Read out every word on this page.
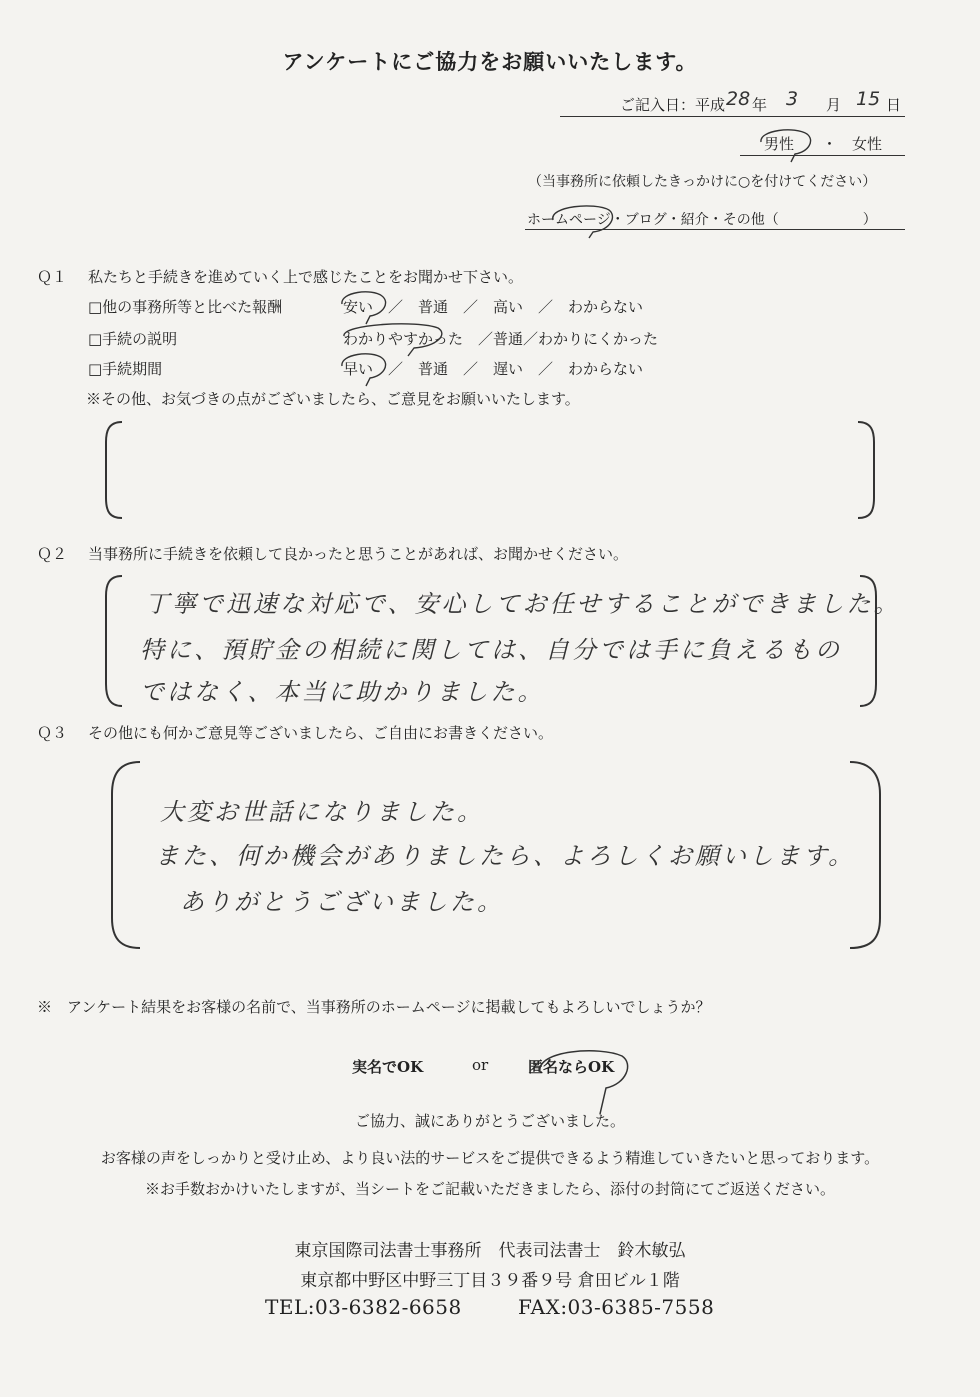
アンケートにご協力をお願いいたします。
ご記入日：平成 28 年 3 月 15 日
男性 ・ 女性
（当事務所に依頼したきっかけに○を付けてください）
ホームページ・ブログ・紹介・その他（　　　　　　）
Ｑ１ 私たちと手続きを進めていく上で感じたことをお聞かせ下さい。
□他の事務所等と比べた報酬	安い　／　普通　／　高い　／　わからない
□手続の説明	わかりやすかった　／普通／わかりにくかった
□手続期間	早い　／　普通　／　遅い　／　わからない
※その他、お気づきの点がございましたら、ご意見をお願いいたします。
Ｑ２ 当事務所に手続きを依頼して良かったと思うことがあれば、お聞かせください。
丁寧で迅速な対応で、安心してお任せすることができました。
特に、預貯金の相続に関しては、自分では手に負えるもの
ではなく、本当に助かりました。
Ｑ３ その他にも何かご意見等ございましたら、ご自由にお書きください。
大変お世話になりました。
また、何か機会がありましたら、よろしくお願いします。
ありがとうございました。
※　アンケート結果をお客様の名前で、当事務所のホームページに掲載してもよろしいでしょうか？
実名でOK	or	匿名ならOK
ご協力、誠にありがとうございました。
お客様の声をしっかりと受け止め、より良い法的サービスをご提供できるよう精進していきたいと思っております。
※お手数おかけいたしますが、当シートをご記載いただきましたら、添付の封筒にてご返送ください。
東京国際司法書士事務所　代表司法書士　鈴木敏弘
東京都中野区中野三丁目３９番９号 倉田ビル１階
TEL:03-6382-6658	FAX:03-6385-7558
